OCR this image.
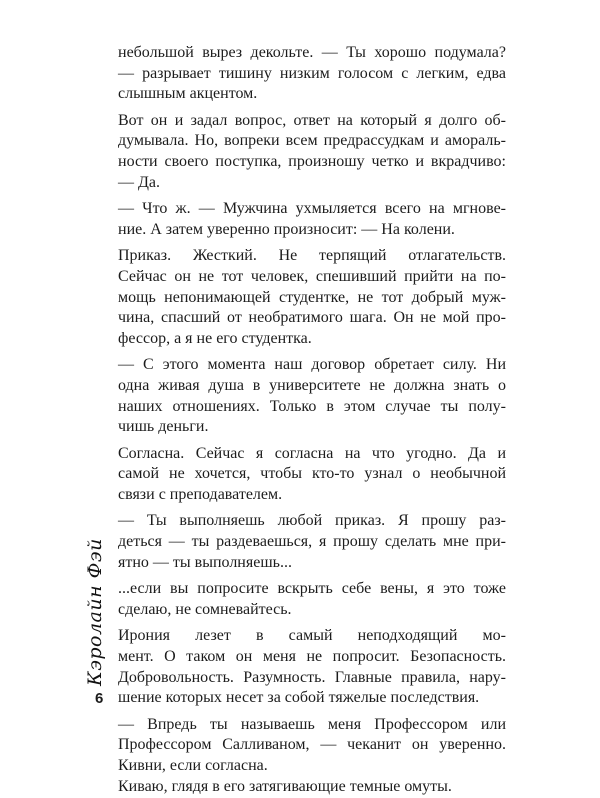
небольшой вырез декольте. — Ты хорошо подумала?
— разрывает тишину низким голосом с легким, едва
слышным акцентом.
Вот он и задал вопрос, ответ на который я долго об-
думывала. Но, вопреки всем предрассудкам и амораль-
ности своего поступка, произношу четко и вкрадчиво:
— Да.
— Что ж. — Мужчина ухмыляется всего на мгнове-
ние. А затем уверенно произносит: — На колени.
Приказ. Жесткий. Не терпящий отлагательств.
Сейчас он не тот человек, спешивший прийти на по-
мощь непонимающей студентке, не тот добрый муж-
чина, спасший от необратимого шага. Он не мой про-
фессор, а я не его студентка.
— С этого момента наш договор обретает силу. Ни
одна живая душа в университете не должна знать о
наших отношениях. Только в этом случае ты полу-
чишь деньги.
Согласна. Сейчас я согласна на что угодно. Да и
самой не хочется, чтобы кто-то узнал о необычной
связи с преподавателем.
— Ты выполняешь любой приказ. Я прошу раз-
деться — ты раздеваешься, я прошу сделать мне при-
ятно — ты выполняешь...
...если вы попросите вскрыть себе вены, я это тоже
сделаю, не сомневайтесь.
Ирония лезет в самый неподходящий мо-
мент. О таком он меня не попросит. Безопасность.
Добровольность. Разумность. Главные правила, нару-
шение которых несет за собой тяжелые последствия.
— Впредь ты называешь меня Профессором или
Профессором Салливаном, — чеканит он уверенно.
Кивни, если согласна.
Киваю, глядя в его затягивающие темные омуты.
Кэролайн Фэй
6
